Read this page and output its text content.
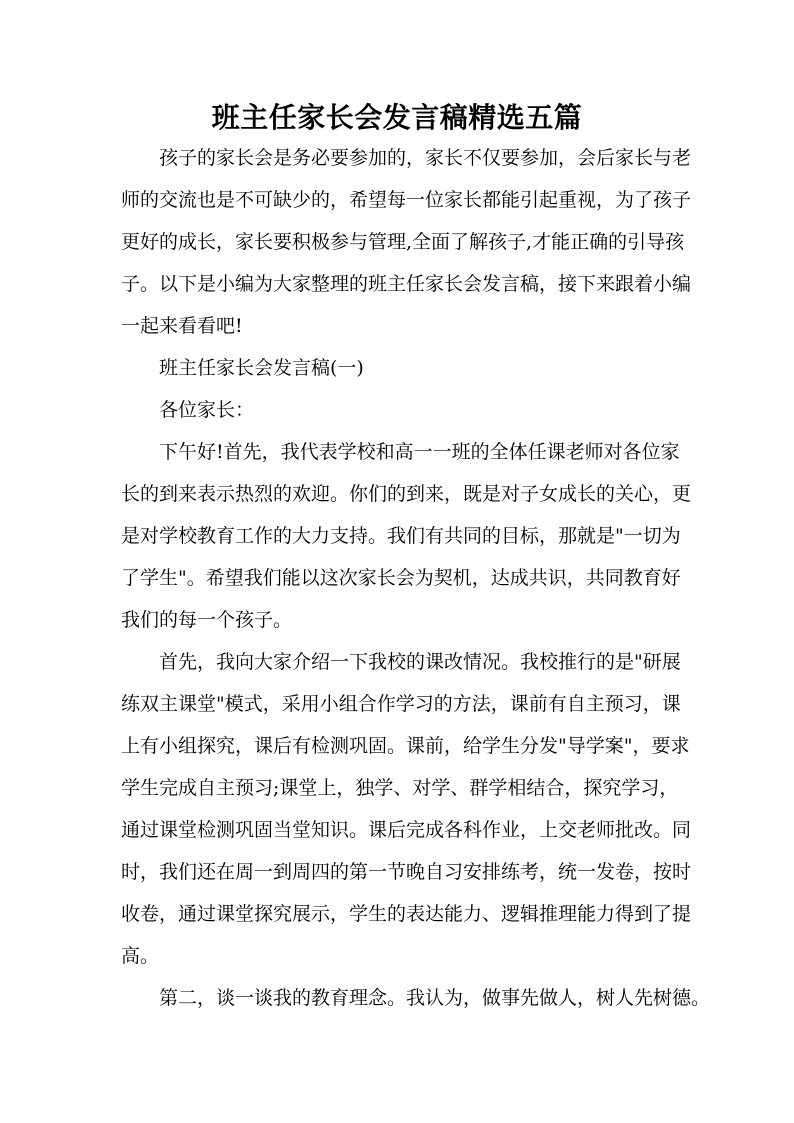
班主任家长会发言稿精选五篇

孩子的家长会是务必要参加的，家长不仅要参加，会后家长与老

师的交流也是不可缺少的，希望每一位家长都能引起重视，为了孩子

更好的成长，家长要积极参与管理,全面了解孩子,才能正确的引导孩

子。以下是小编为大家整理的班主任家长会发言稿，接下来跟着小编

一起来看看吧!

班主任家长会发言稿(一)

各位家长：

下午好!首先，我代表学校和高一一班的全体任课老师对各位家

长的到来表示热烈的欢迎。你们的到来，既是对子女成长的关心，更

是对学校教育工作的大力支持。我们有共同的目标，那就是"一切为

了学生"。希望我们能以这次家长会为契机，达成共识，共同教育好

我们的每一个孩子。

首先，我向大家介绍一下我校的课改情况。我校推行的是"研展

练双主课堂"模式，采用小组合作学习的方法，课前有自主预习，课

上有小组探究，课后有检测巩固。课前，给学生分发"导学案"，要求

学生完成自主预习;课堂上，独学、对学、群学相结合，探究学习，

通过课堂检测巩固当堂知识。课后完成各科作业，上交老师批改。同

时，我们还在周一到周四的第一节晚自习安排练考，统一发卷，按时

收卷，通过课堂探究展示，学生的表达能力、逻辑推理能力得到了提

高。

第二，谈一谈我的教育理念。我认为，做事先做人，树人先树德。
